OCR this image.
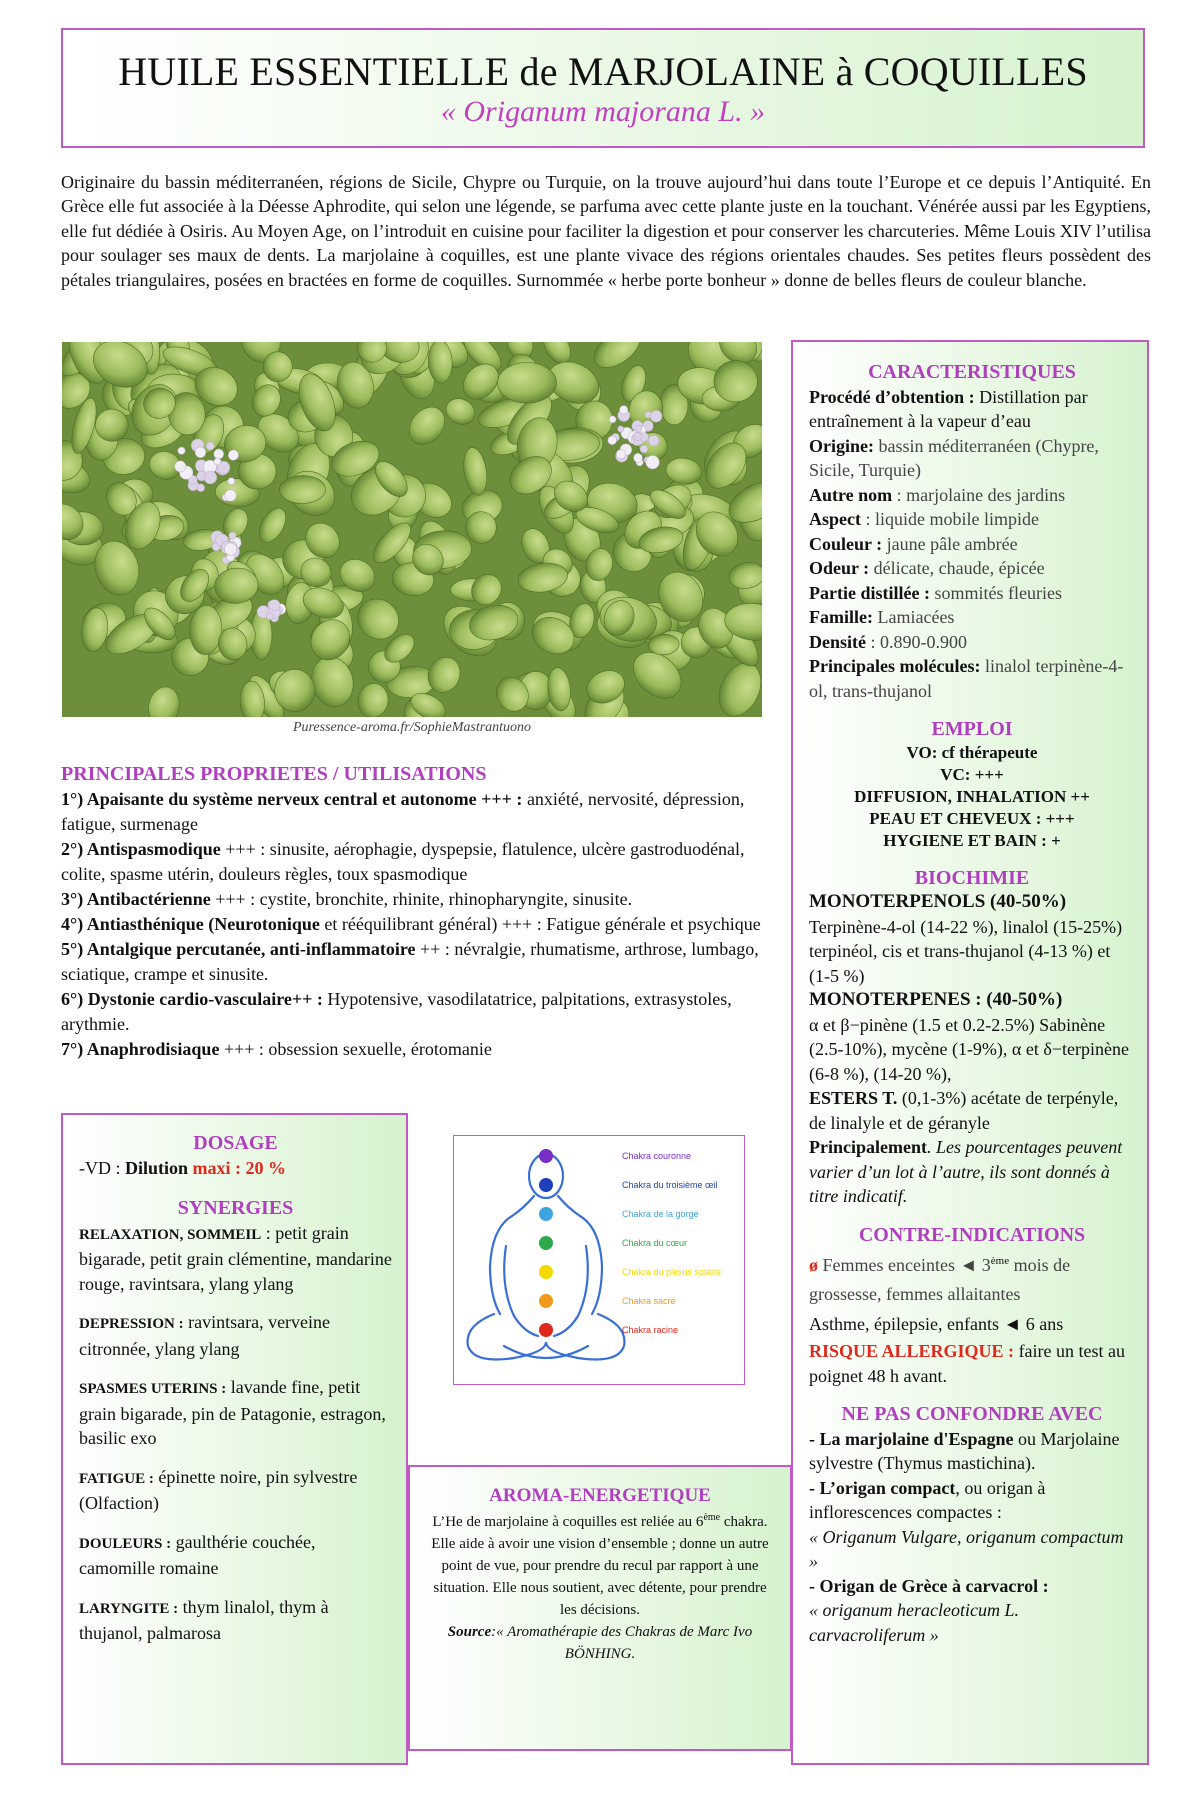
HUILE ESSENTIELLE de MARJOLAINE à COQUILLES
« Origanum majorana L. »
Originaire du bassin méditerranéen, régions de Sicile, Chypre ou Turquie, on la trouve aujourd’hui dans toute l’Europe et ce depuis l’Antiquité. En Grèce elle fut associée à la Déesse Aphrodite, qui selon une légende, se parfuma avec cette plante juste en la touchant. Vénérée aussi par les Egyptiens, elle fut dédiée à Osiris. Au Moyen Age, on l’introduit en cuisine pour faciliter la digestion et pour conserver les charcuteries. Même Louis XIV l’utilisa pour soulager ses maux de dents. La marjolaine à coquilles, est une plante vivace des régions orientales chaudes. Ses petites fleurs possèdent des pétales triangulaires, posées en bractées en forme de coquilles. Surnommée « herbe porte bonheur » donne de belles fleurs de couleur blanche.
Puressence-aroma.fr/SophieMastrantuono
CARACTERISTIQUES
Procédé d’obtention : Distillation par entraînement à la vapeur d’eau
Origine: bassin méditerranéen (Chypre, Sicile, Turquie)
Autre nom : marjolaine des jardins
Aspect : liquide mobile limpide
Couleur : jaune pâle ambrée
Odeur : délicate, chaude, épicée
Partie distillée : sommités fleuries
Famille: Lamiacées
Densité : 0.890-0.900
Principales molécules: linalol terpinène-4-ol, trans-thujanol
EMPLOI
VO: cf thérapeute
VC: +++
DIFFUSION, INHALATION ++
PEAU ET CHEVEUX : +++
HYGIENE ET BAIN : +
BIOCHIMIE
MONOTERPENOLS (40-50%)
Terpinène-4-ol (14-22 %), linalol (15-25%) terpinéol, cis et trans-thujanol (4-13 %) et (1-5 %)
MONOTERPENES : (40-50%)
α et β−pinène (1.5 et 0.2-2.5%) Sabinène (2.5-10%), mycène (1-9%), α et δ−terpinène (6-8 %), (14-20 %),
ESTERS T. (0,1-3%) acétate de terpényle, de linalyle et de géranyle
Principalement. Les pourcentages peuvent varier d’un lot à l’autre, ils sont donnés à titre indicatif.
CONTRE-INDICATIONS
ø Femmes enceintes ◄ 3ème mois de grossesse, femmes allaitantes
Asthme, épilepsie, enfants ◄ 6 ans
RISQUE ALLERGIQUE : faire un test au poignet 48 h avant.
NE PAS CONFONDRE AVEC
- La marjolaine d'Espagne ou Marjolaine sylvestre (Thymus mastichina).
- L’origan compact, ou origan à inflorescences compactes :
« Origanum Vulgare, origanum compactum »
- Origan de Grèce à carvacrol :
« origanum heracleoticum L. carvacroliferum »
PRINCIPALES PROPRIETES / UTILISATIONS
1°) Apaisante du système nerveux central et autonome +++ : anxiété, nervosité, dépression, fatigue, surmenage
2°) Antispasmodique +++ : sinusite, aérophagie, dyspepsie, flatulence, ulcère gastroduodénal, colite, spasme utérin, douleurs règles, toux spasmodique
3°) Antibactérienne +++ : cystite, bronchite, rhinite, rhinopharyngite, sinusite.
4°) Antiasthénique (Neurotonique et rééquilibrant général) +++ : Fatigue générale et psychique
5°) Antalgique percutanée, anti-inflammatoire ++ : névralgie, rhumatisme, arthrose, lumbago, sciatique, crampe et sinusite.
6°) Dystonie cardio-vasculaire++ : Hypotensive, vasodilatatrice, palpitations, extrasystoles, arythmie.
7°) Anaphrodisiaque +++ : obsession sexuelle, érotomanie
DOSAGE
-VD : Dilution maxi : 20 %
SYNERGIES
RELAXATION, SOMMEIL : petit grain bigarade, petit grain clémentine, mandarine rouge, ravintsara, ylang ylang
DEPRESSION : ravintsara, verveine citronnée, ylang ylang
SPASMES UTERINS : lavande fine, petit grain bigarade, pin de Patagonie, estragon, basilic exo
FATIGUE : épinette noire, pin sylvestre (Olfaction)
DOULEURS : gaulthérie couchée, camomille romaine
LARYNGITE : thym linalol, thym à thujanol, palmarosa
Chakra couronne
Chakra du troisième œil
Chakra de la gorge
Chakra du cœur
Chakra du plexus solaire
Chakra sacré
Chakra racine
AROMA-ENERGETIQUE
L’He de marjolaine à coquilles est reliée au 6ème chakra. Elle aide à avoir une vision d’ensemble ; donne un autre point de vue, pour prendre du recul par rapport à une situation. Elle nous soutient, avec détente, pour prendre les décisions.
Source:« Aromathérapie des Chakras de Marc Ivo BÖNHING.
